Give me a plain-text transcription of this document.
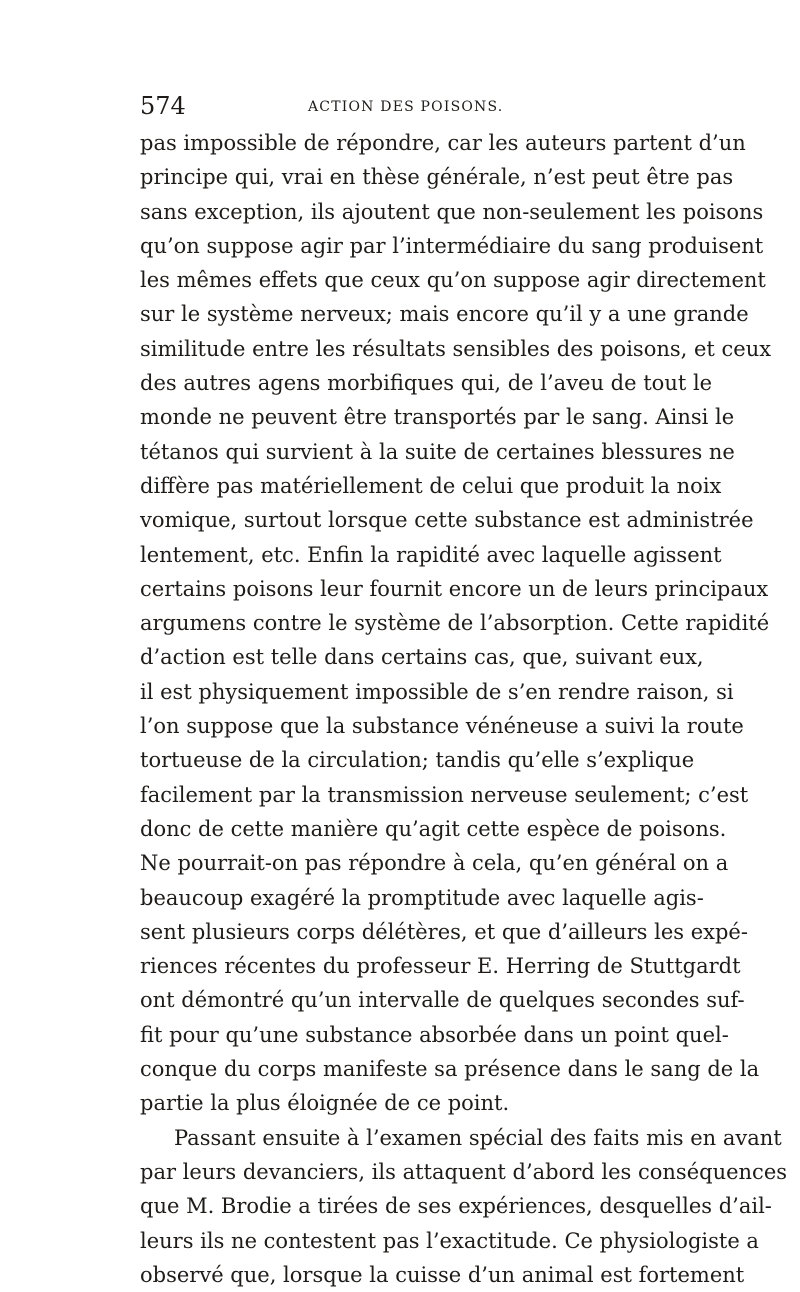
574	ACTION DES POISONS.
pas impossible de répondre, car les auteurs partent d’un
principe qui, vrai en thèse générale, n’est peut être pas
sans exception, ils ajoutent que non-seulement les poisons
qu’on suppose agir par l’intermédiaire du sang produisent
les mêmes effets que ceux qu’on suppose agir directement
sur le système nerveux; mais encore qu’il y a une grande
similitude entre les résultats sensibles des poisons, et ceux
des autres agens morbifiques qui, de l’aveu de tout le
monde ne peuvent être transportés par le sang. Ainsi le
tétanos qui survient à la suite de certaines blessures ne
diffère pas matériellement de celui que produit la noix
vomique, surtout lorsque cette substance est administrée
lentement, etc. Enfin la rapidité avec laquelle agissent
certains poisons leur fournit encore un de leurs principaux
argumens contre le système de l’absorption. Cette rapidité
d’action est telle dans certains cas, que, suivant eux,
il est physiquement impossible de s’en rendre raison, si
l’on suppose que la substance vénéneuse a suivi la route
tortueuse de la circulation; tandis qu’elle s’explique
facilement par la transmission nerveuse seulement; c’est
donc de cette manière qu’agit cette espèce de poisons.
Ne pourrait-on pas répondre à cela, qu’en général on a
beaucoup exagéré la promptitude avec laquelle agis-
sent plusieurs corps délétères, et que d’ailleurs les expé-
riences récentes du professeur E. Herring de Stuttgardt
ont démontré qu’un intervalle de quelques secondes suf-
fit pour qu’une substance absorbée dans un point quel-
conque du corps manifeste sa présence dans le sang de la
partie la plus éloignée de ce point.
Passant ensuite à l’examen spécial des faits mis en avant
par leurs devanciers, ils attaquent d’abord les conséquences
que M. Brodie a tirées de ses expériences, desquelles d’ail-
leurs ils ne contestent pas l’exactitude. Ce physiologiste a
observé que, lorsque la cuisse d’un animal est fortement
